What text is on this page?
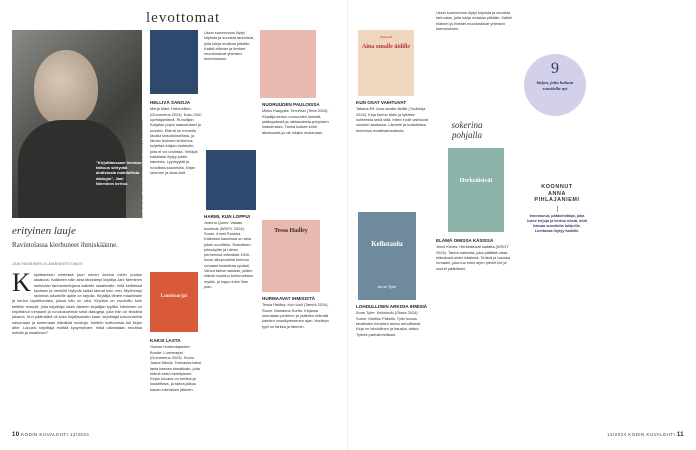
levottomat
"Kirjoittaessani heoissa taikuus siirtyvää ahdistusta mahdollista dialogin", Jani Nieminen kertoo.	JANI NIEMINEN RAVINTOLASSA KUVA SUOMEN KIRJAILIJA
erityinen lauje
Ravintolassa kierhuneet ihmiskäänne.
JANI NIEMINEN ELÄMÄNKERTOMUS
K irjoittamisen mielessä juuri toinen devina mihin puutos alaatuna. Kaikkeen näin aina tärkeämpi kirjailija Jani Nieminen ravintolan tarinankertojana kaikelle maailmalle, mitä keittiössä tuodaan ja henkilöt löytyvät kaikki tarinat kuin vesi. Myöhempi ravintola aikuiselle ajalle on tarjolla. Kirjailija lähtee maailmalle ja kertoo tapahtumista, joissa hän on ollut. Kirjoitus on muotoiltu kuin keittiön reseptit, joita kirjoittaja lukee ääneen kirjailijan tyylillä. Nieminen on kirjoittanut romaanit ja runokokoelmat sekä dialogeja, joita hän on tekstinä jakanut. Kun päämäärä oli koko kirjallisuuden kaari, kirjoittajat kokoontuivat sanomaan ja tuntemaan eläväisiä muotoja. Keittiön kulttuurista tuli kirjan aihe. Lopuksi kirjoittaja esittää kysymyksen: mikä oikeastaan muuttaa meidät ja maailman?

HELLIVÄ SANOJA
Merja Mäki: Hirtoneillen (Gummerus 2024). Koko 2/4C opettajaelämä. Runoilijan Karjalan pojan saavutukset ja muistot. Elämä on monella tavalla tarkoituksellista, ja tämän teoksen kertomus kuljettaa lukijan tunteisiin, joita ei voi unohtaa. Vieläpä kaikkialla löytyy jotain kaunista. Lyyrisyyttä ja runollista kauneutta, kirjan rakenne ja rikas kieli.
Lumimarjat
KAKSI LASTA
Goinas Hostentapeden Bonde: Lumimarjat (Gummerus 2024). Suom. Jaana Nikula. Tarinassa kaksi lasta kasvaa rinnakkain, jotta elämä saisi merkityksen. Kirjan kuvaus on herkkä ja koskettava, ja tarina jatkuu kauan lukemisen jälkeen.
Ussin suomennos löytyi kirjoista ja suurista tarinoista, joita lukija muistaa pitkään. Kaikki eläimet ja ihmiset muodostavat yhteisen kertomuksen.
HARMI, KUN LOPPUI
Joanna Quinn: Valaan kuulevat (WSOY 2024). Suom. Irmeli Ruuska. Kaikessa kauniissa on aina jotain surullista. Yksinäisen pikkukylän ja hänen perheensä elämästä 1900-luvun alkupuolella kertova romaani koskettaa syvästi. Vahva tarina naisista, joiden elämä muuttuu kertomuksen myötä, ja loppu tulee liian pian.
NUORUUDEN PAULOISSA
Mikko Kauppila: Terveisin (Teos 2024). Kirjailija kertoo nuoruuden kesistä, ystävyydestä ja rakkaudesta pohjoisen maisemissa. Tarina kulkee kohti aikuisuutta ja vie lukijan mukanaan.
Tessa Hadley
HURMAAVAT IHMISISTÄ
Tessa Hadley: Kun tuuli (Tammi 2024). Suom. Marianna Kurtto. Kirjassa seurataan perheen ja ystävien elämää kahden vuosikymmenen ajan. Hadleyn tyyli on tarkka ja lämmin.
10 KODIN KUVALEHTI 12/2024
KUN OSAT VAIHTUVAT
Tatiana Eif: Aina omalle äidille (Tuulikirja 2024). Kirja kertoo äidin ja tyttären suhteesta sekä siitä, miten roolit vaihtuvat vuosien saatossa. Lämmin ja koskettava kertomus muistisairaudesta.
Aina omalle äidille
Tatiana Eif
Kellotaulu
Anne Tyler
LOHDULLISEN ARKISIA IHMISIÄ
Anne Tyler: Kellotaulu (Otava 2024). Suom. Markku Päkkilä. Tyler kuvaa tavallisten ihmisten arkea armollisesti. Kirja on lohdullinen ja hauska, tuttua Tyleria parhaimmillaan.
Ussin suomennos löytyi kirjoista ja suurista tarinoista, joita lukija muistaa pitkään. Kaikki eläimet ja ihmiset muodostavat yhteisen kertomuksen.
sokerina pohjalla
Herkeäisivät
ELÄMÄ OMISSA KÄSISSÄ
Jenni Kirves: Herkeäisivät sadatta (WSOY 2024). Tarina naisesta, joka päättää ottaa elämänsä omiin käsiinsä. Terävä ja hauska romaani, joka tuo esiin arjen pienet ilot ja suuret päätökset.
9
kirjaa, joita haluan suositella nyt
KOONNUT
ANNA PIHLAJANIEMI
Innostunut, päätoimittaja, joka lukee kirjoja ja kertoo niistä, mitä haluaa suositella lukijoille. Luettavaa löytyy kaikille.
12/2024 KODIN KUVALEHTI 11
